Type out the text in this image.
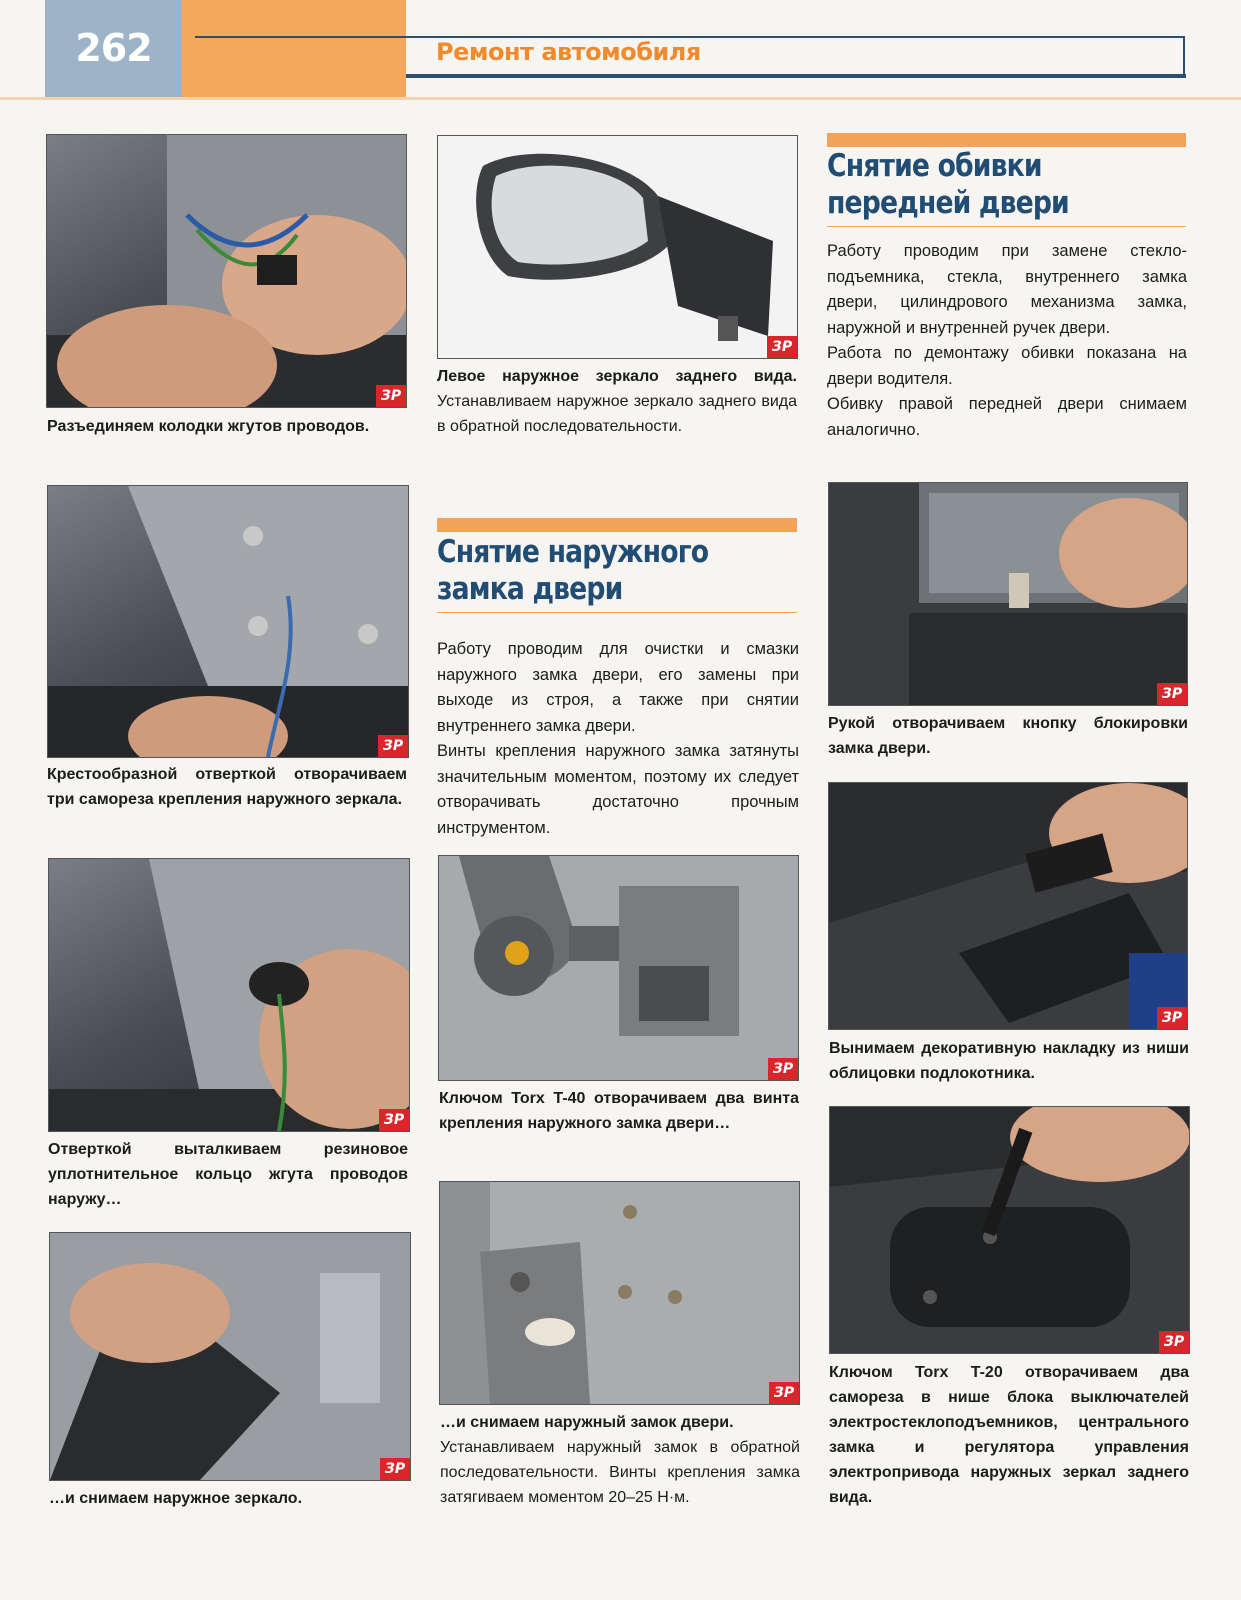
262	Ремонт автомобиля
ЗР

Разъединяем колодки жгутов проводов.

ЗР

Крестообразной отверткой отворачиваем три самореза крепления наружного зеркала.

ЗР

Отверткой выталкиваем резиновое уплотнительное кольцо жгута проводов наружу…

ЗР

…и снимаем наружное зеркало.

ЗР

Левое наружное зеркало заднего вида. Устанавливаем наружное зеркало заднего вида в обратной последовательности.

Снятие наружного замка двери

Работу проводим для очистки и смазки наружного замка двери, его замены при выходе из строя, а также при снятии внутреннего замка двери.

Винты крепления наружного замка затянуты значительным моментом, поэтому их следует отворачивать достаточно прочным инструментом.

ЗР

Ключом Torx T-40 отворачиваем два винта крепления наружного замка двери…

ЗР

…и снимаем наружный замок двери.
Устанавливаем наружный замок в обратной последовательности. Винты крепления замка затягиваем моментом 20–25 Н·м.

Снятие обивки передней двери

Работу проводим при замене стеклоподъемника, стекла, внутреннего замка двери, цилиндрового механизма замка, наружной и внутренней ручек двери.

Работа по демонтажу обивки показана на двери водителя.

Обивку правой передней двери снимаем аналогично.

ЗР

Рукой отворачиваем кнопку блокировки замка двери.

ЗР

Вынимаем декоративную накладку из ниши облицовки подлокотника.

ЗР

Ключом Torx T-20 отворачиваем два самореза в нише блока выключателей электростеклоподъемников, центрального замка и регулятора управления электропривода наружных зеркал заднего вида.
